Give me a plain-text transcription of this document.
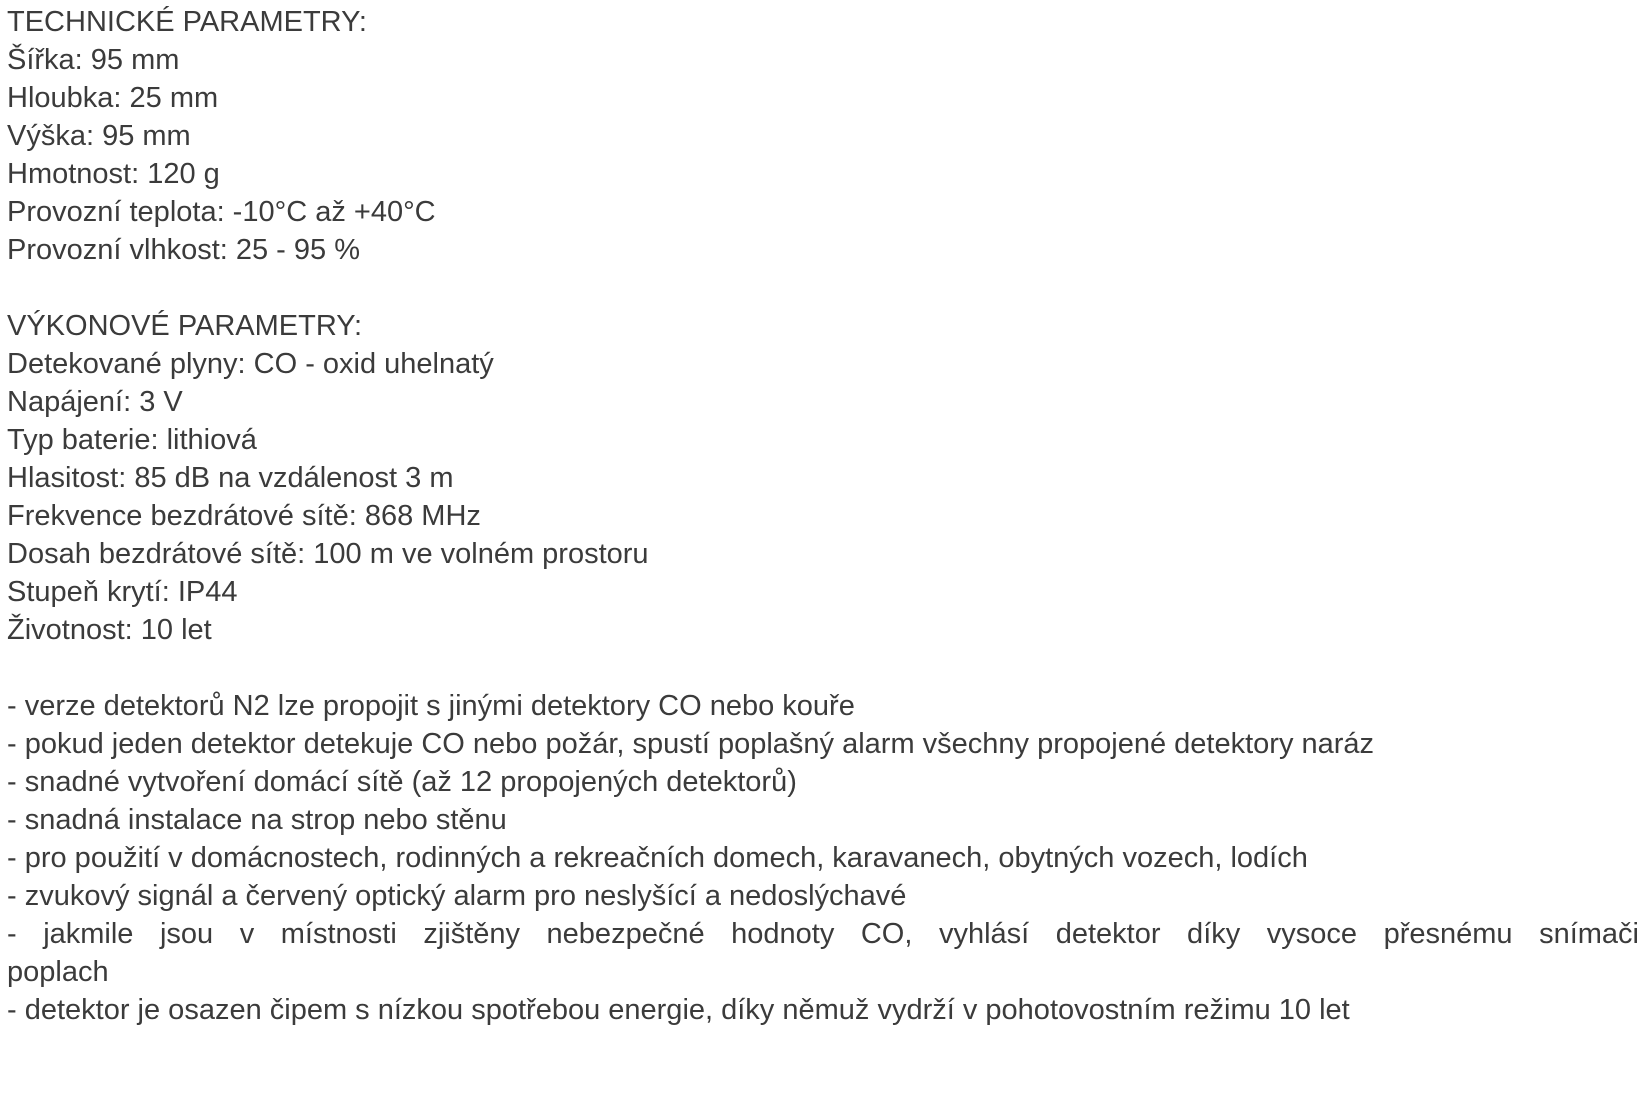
TECHNICKÉ PARAMETRY:
Šířka: 95 mm
Hloubka: 25 mm
Výška: 95 mm
Hmotnost: 120 g
Provozní teplota: -10°C až +40°C
Provozní vlhkost: 25 - 95 %
VÝKONOVÉ PARAMETRY:
Detekované plyny: CO - oxid uhelnatý
Napájení: 3 V
Typ baterie: lithiová
Hlasitost: 85 dB na vzdálenost 3 m
Frekvence bezdrátové sítě: 868 MHz
Dosah bezdrátové sítě: 100 m ve volném prostoru
Stupeň krytí: IP44
Životnost: 10 let
- verze detektorů N2 lze propojit s jinými detektory CO nebo kouře
- pokud jeden detektor detekuje CO nebo požár, spustí poplašný alarm všechny propojené detektory naráz
- snadné vytvoření domácí sítě (až 12 propojených detektorů)
- snadná instalace na strop nebo stěnu
- pro použití v domácnostech, rodinných a rekreačních domech, karavanech, obytných vozech, lodích
- zvukový signál a červený optický alarm pro neslyšící a nedoslýchavé
- jakmile jsou v místnosti zjištěny nebezpečné hodnoty CO, vyhlásí detektor díky vysoce přesnému snímači
poplach
- detektor je osazen čipem s nízkou spotřebou energie, díky němuž vydrží v pohotovostním režimu 10 let
